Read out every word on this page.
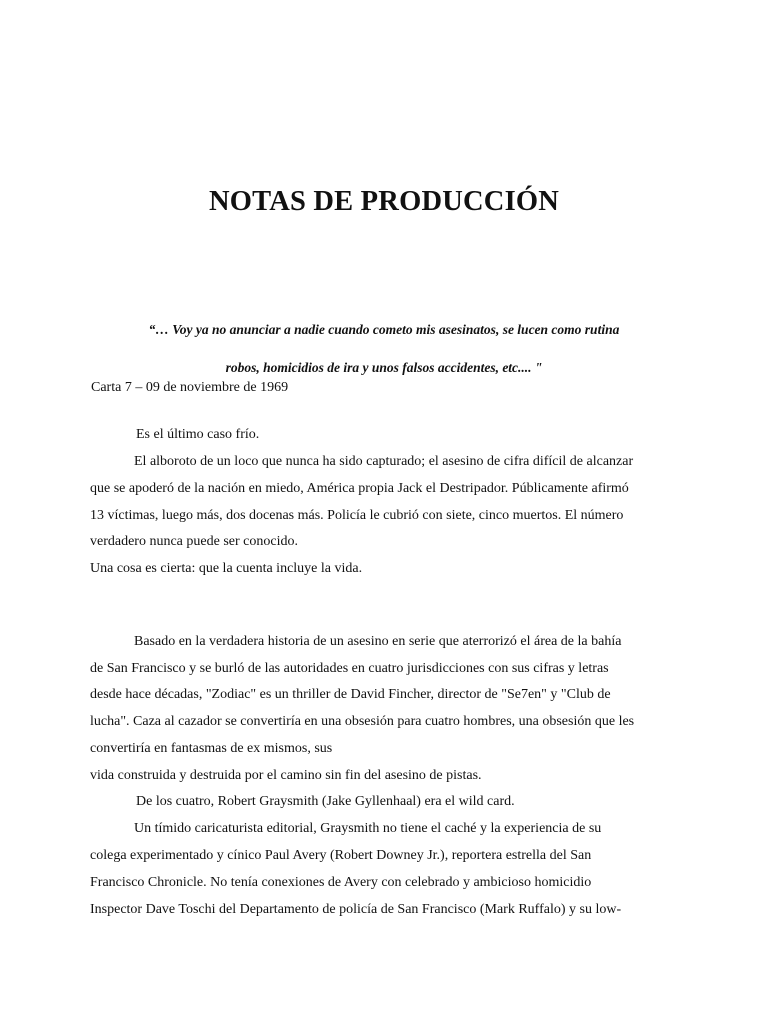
NOTAS DE PRODUCCIÓN

“… Voy ya no anunciar a nadie cuando cometo mis asesinatos, se lucen como rutina

robos, homicidios de ira y unos falsos accidentes, etc.... "

Carta 7 – 09 de noviembre de 1969

Es el último caso frío.

El alboroto de un loco que nunca ha sido capturado; el asesino de cifra difícil de alcanzar

que se apoderó de la nación en miedo, América propia Jack el Destripador. Públicamente afirmó

13 víctimas, luego más, dos docenas más. Policía le cubrió con siete, cinco muertos. El número

verdadero nunca puede ser conocido.

Una cosa es cierta: que la cuenta incluye la vida.

Basado en la verdadera historia de un asesino en serie que aterrorizó el área de la bahía

de San Francisco y se burló de las autoridades en cuatro jurisdicciones con sus cifras y letras

desde hace décadas, "Zodiac" es un thriller de David Fincher, director de "Se7en" y "Club de

lucha". Caza al cazador se convertiría en una obsesión para cuatro hombres, una obsesión que les

convertiría en fantasmas de ex mismos, sus

vida construida y destruida por el camino sin fin del asesino de pistas.

De los cuatro, Robert Graysmith (Jake Gyllenhaal) era el wild card.

Un tímido caricaturista editorial, Graysmith no tiene el caché y la experiencia de su

colega experimentado y cínico Paul Avery (Robert Downey Jr.), reportera estrella del San

Francisco Chronicle. No tenía conexiones de Avery con celebrado y ambicioso homicidio

Inspector Dave Toschi del Departamento de policía de San Francisco (Mark Ruffalo) y su low-
